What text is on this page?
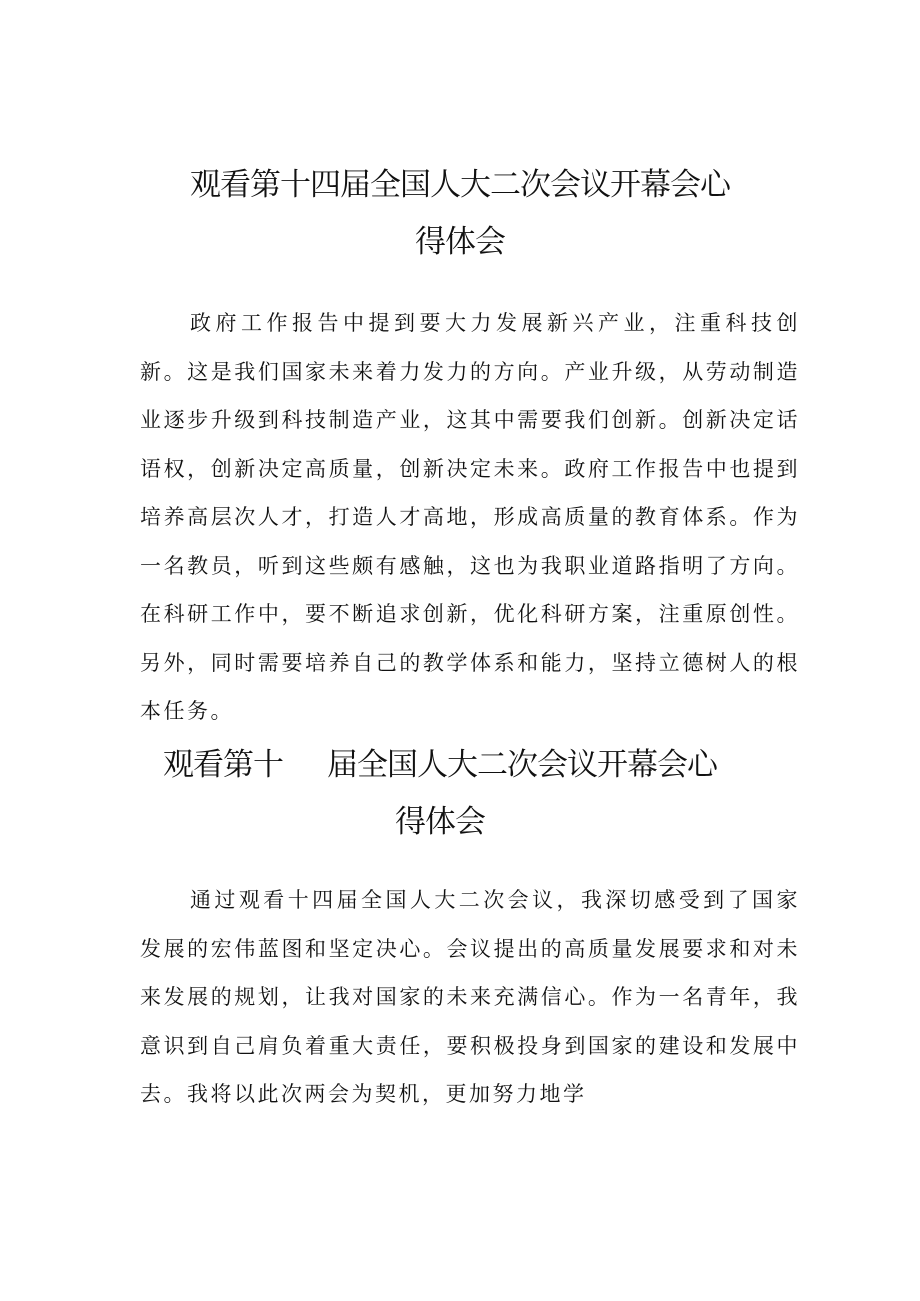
观看第十四届全国人大二次会议开幕会心
得体会

政府工作报告中提到要大力发展新兴产业，注重科技创新。这是我们国家未来着力发力的方向。产业升级，从劳动制造业逐步升级到科技制造产业，这其中需要我们创新。创新决定话语权，创新决定高质量，创新决定未来。政府工作报告中也提到培养高层次人才，打造人才高地，形成高质量的教育体系。作为一名教员，听到这些颇有感触，这也为我职业道路指明了方向。在科研工作中，要不断追求创新，优化科研方案，注重原创性。另外，同时需要培养自己的教学体系和能力，坚持立德树人的根本任务。

观看第十 届全国人大二次会议开幕会心
得体会

通过观看十四届全国人大二次会议，我深切感受到了国家发展的宏伟蓝图和坚定决心。会议提出的高质量发展要求和对未来发展的规划，让我对国家的未来充满信心。作为一名青年，我意识到自己肩负着重大责任，要积极投身到国家的建设和发展中去。我将以此次两会为契机，更加努力地学
